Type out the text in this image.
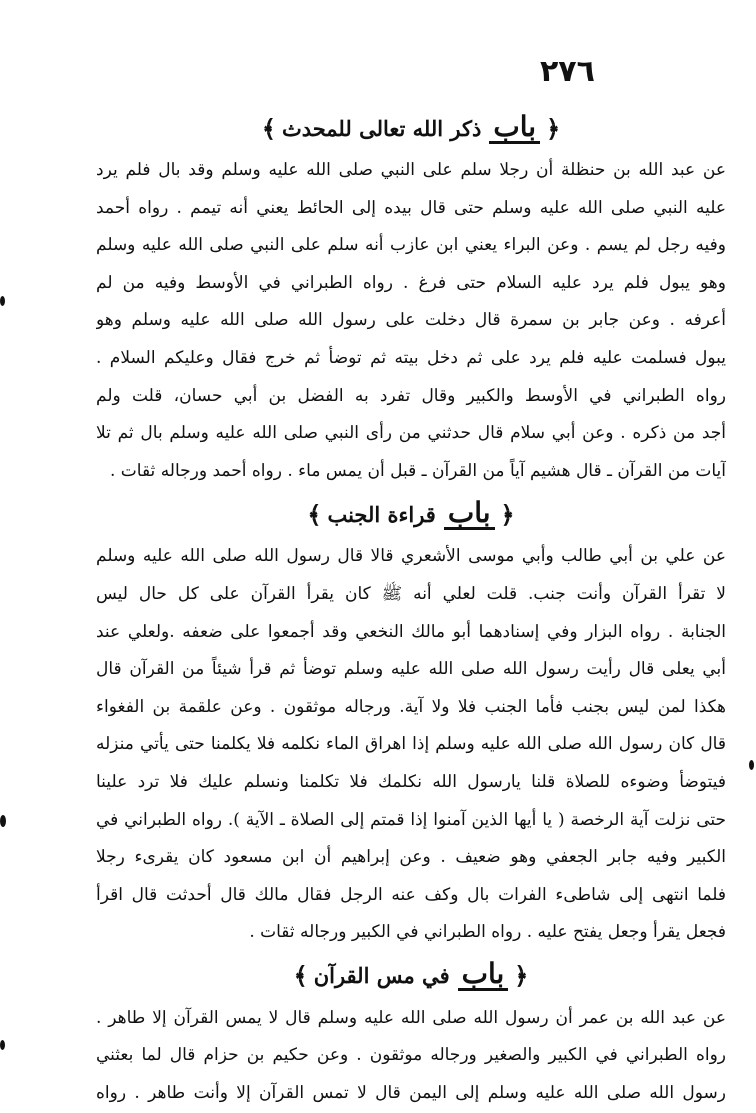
٢٧٦
﴿
باب
ذكر الله تعالى للمحدث
﴾
عن عبد الله بن حنظلة أن رجلا سلم على النبي صلى الله عليه وسلم وقد بال فلم يرد
عليه النبي صلى الله عليه وسلم حتى قال بيده إلى الحائط يعني أنه تيمم . رواه أحمد
وفيه رجل لم يسم . وعن البراء يعني ابن عازب أنه سلم على النبي صلى الله عليه وسلم
وهو يبول فلم يرد عليه السلام حتى فرغ . رواه الطبراني في الأوسط وفيه من لم
أعرفه . وعن جابر بن سمرة قال دخلت على رسول الله صلى الله عليه وسلم وهو
يبول فسلمت عليه فلم يرد على ثم دخل بيته ثم توضأ ثم خرج فقال وعليكم السلام .
رواه الطبراني في الأوسط والكبير وقال تفرد به الفضل بن أبي حسان، قلت ولم
أجد من ذكره . وعن أبي سلام قال حدثني من رأى النبي صلى الله عليه وسلم بال ثم تلا
آيات من القرآن ـ قال هشيم آياً من القرآن ـ قبل أن يمس ماء . رواه أحمد ورجاله ثقات .
﴿
باب
قراءة الجنب
﴾
عن علي بن أبي طالب وأبي موسى الأشعري قالا قال رسول الله صلى الله عليه وسلم
لا تقرأ القرآن وأنت جنب. قلت لعلي أنه ﷺ كان يقرأ القرآن على كل حال ليس
الجنابة . رواه البزار وفي إسنادهما أبو مالك النخعي وقد أجمعوا على ضعفه .ولعلي عند
أبي يعلى قال رأيت رسول الله صلى الله عليه وسلم توضأ ثم قرأ شيئاً من القرآن قال
هكذا لمن ليس بجنب فأما الجنب فلا ولا آية. ورجاله موثقون . وعن علقمة بن الفغواء
قال كان رسول الله صلى الله عليه وسلم إذا اهراق الماء نكلمه فلا يكلمنا حتى يأتي منزله
فيتوضأ وضوءه للصلاة قلنا يارسول الله نكلمك فلا تكلمنا ونسلم عليك فلا ترد علينا
حتى نزلت آية الرخصة ( يا أيها الذين آمنوا إذا قمتم إلى الصلاة ـ الآية ). رواه الطبراني في
الكبير وفيه جابر الجعفي وهو ضعيف . وعن إبراهيم أن ابن مسعود كان يقرىء رجلا
فلما انتهى إلى شاطىء الفرات بال وكف عنه الرجل فقال مالك قال أحدثت قال اقرأ
فجعل يقرأ وجعل يفتح عليه . رواه الطبراني في الكبير ورجاله ثقات .
﴿
باب
في مس القرآن
﴾
عن عبد الله بن عمر أن رسول الله صلى الله عليه وسلم قال لا يمس القرآن إلا طاهر .
رواه الطبراني في الكبير والصغير ورجاله موثقون . وعن حكيم بن حزام قال لما بعثني
رسول الله صلى الله عليه وسلم إلى اليمن قال لا تمس القرآن إلا وأنت طاهر . رواه
